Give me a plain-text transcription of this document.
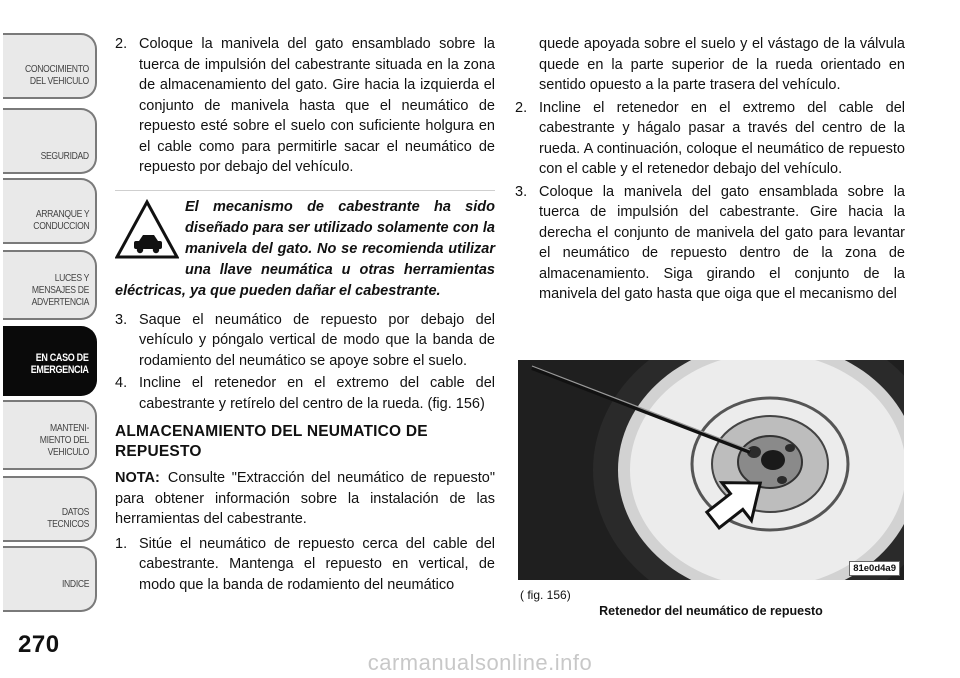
CONOCIMIENTO
DEL VEHICULO
SEGURIDAD
ARRANQUE Y
CONDUCCION
LUCES Y
MENSAJES DE
ADVERTENCIA
EN CASO DE
EMERGENCIA
MANTENI-
MIENTO DEL
VEHICULO
DATOS
TECNICOS
INDICE
270
2. Coloque la manivela del gato ensamblado sobre la tuerca de impulsión del cabestrante situada en la zona de almacenamiento del gato. Gire hacia la izquierda el conjunto de manivela hasta que el neumático de repuesto esté sobre el suelo con suficiente holgura en el cable como para permitirle sacar el neumático de repuesto por debajo del vehículo.
El mecanismo de cabestrante ha sido diseñado para ser utilizado solamente con la manivela del gato. No se recomienda utilizar una llave neumática u otras herramientas eléctricas, ya que pueden dañar el cabestrante.
3. Saque el neumático de repuesto por debajo del vehículo y póngalo vertical de modo que la banda de rodamiento del neumático se apoye sobre el suelo.
4. Incline el retenedor en el extremo del cable del cabestrante y retírelo del centro de la rueda. (fig. 156)
ALMACENAMIENTO DEL NEUMATICO DE REPUESTO
NOTA: Consulte "Extracción del neumático de repuesto" para obtener información sobre la instalación de las herramientas del cabestrante.
1. Sitúe el neumático de repuesto cerca del cable del cabestrante. Mantenga el repuesto en vertical, de modo que la banda de rodamiento del neumático
quede apoyada sobre el suelo y el vástago de la válvula quede en la parte superior de la rueda orientado en sentido opuesto a la parte trasera del vehículo.
2. Incline el retenedor en el extremo del cable del cabestrante y hágalo pasar a través del centro de la rueda. A continuación, coloque el neumático de repuesto con el cable y el retenedor debajo del vehículo.
3. Coloque la manivela del gato ensamblada sobre la tuerca de impulsión del cabestrante. Gire hacia la derecha el conjunto de manivela del gato para levantar el neumático de repuesto dentro de la zona de almacenamiento. Siga girando el conjunto de la manivela del gato hasta que oiga que el mecanismo del
81e0d4a9
( fig. 156)
Retenedor del neumático de repuesto
carmanualsonline.info
